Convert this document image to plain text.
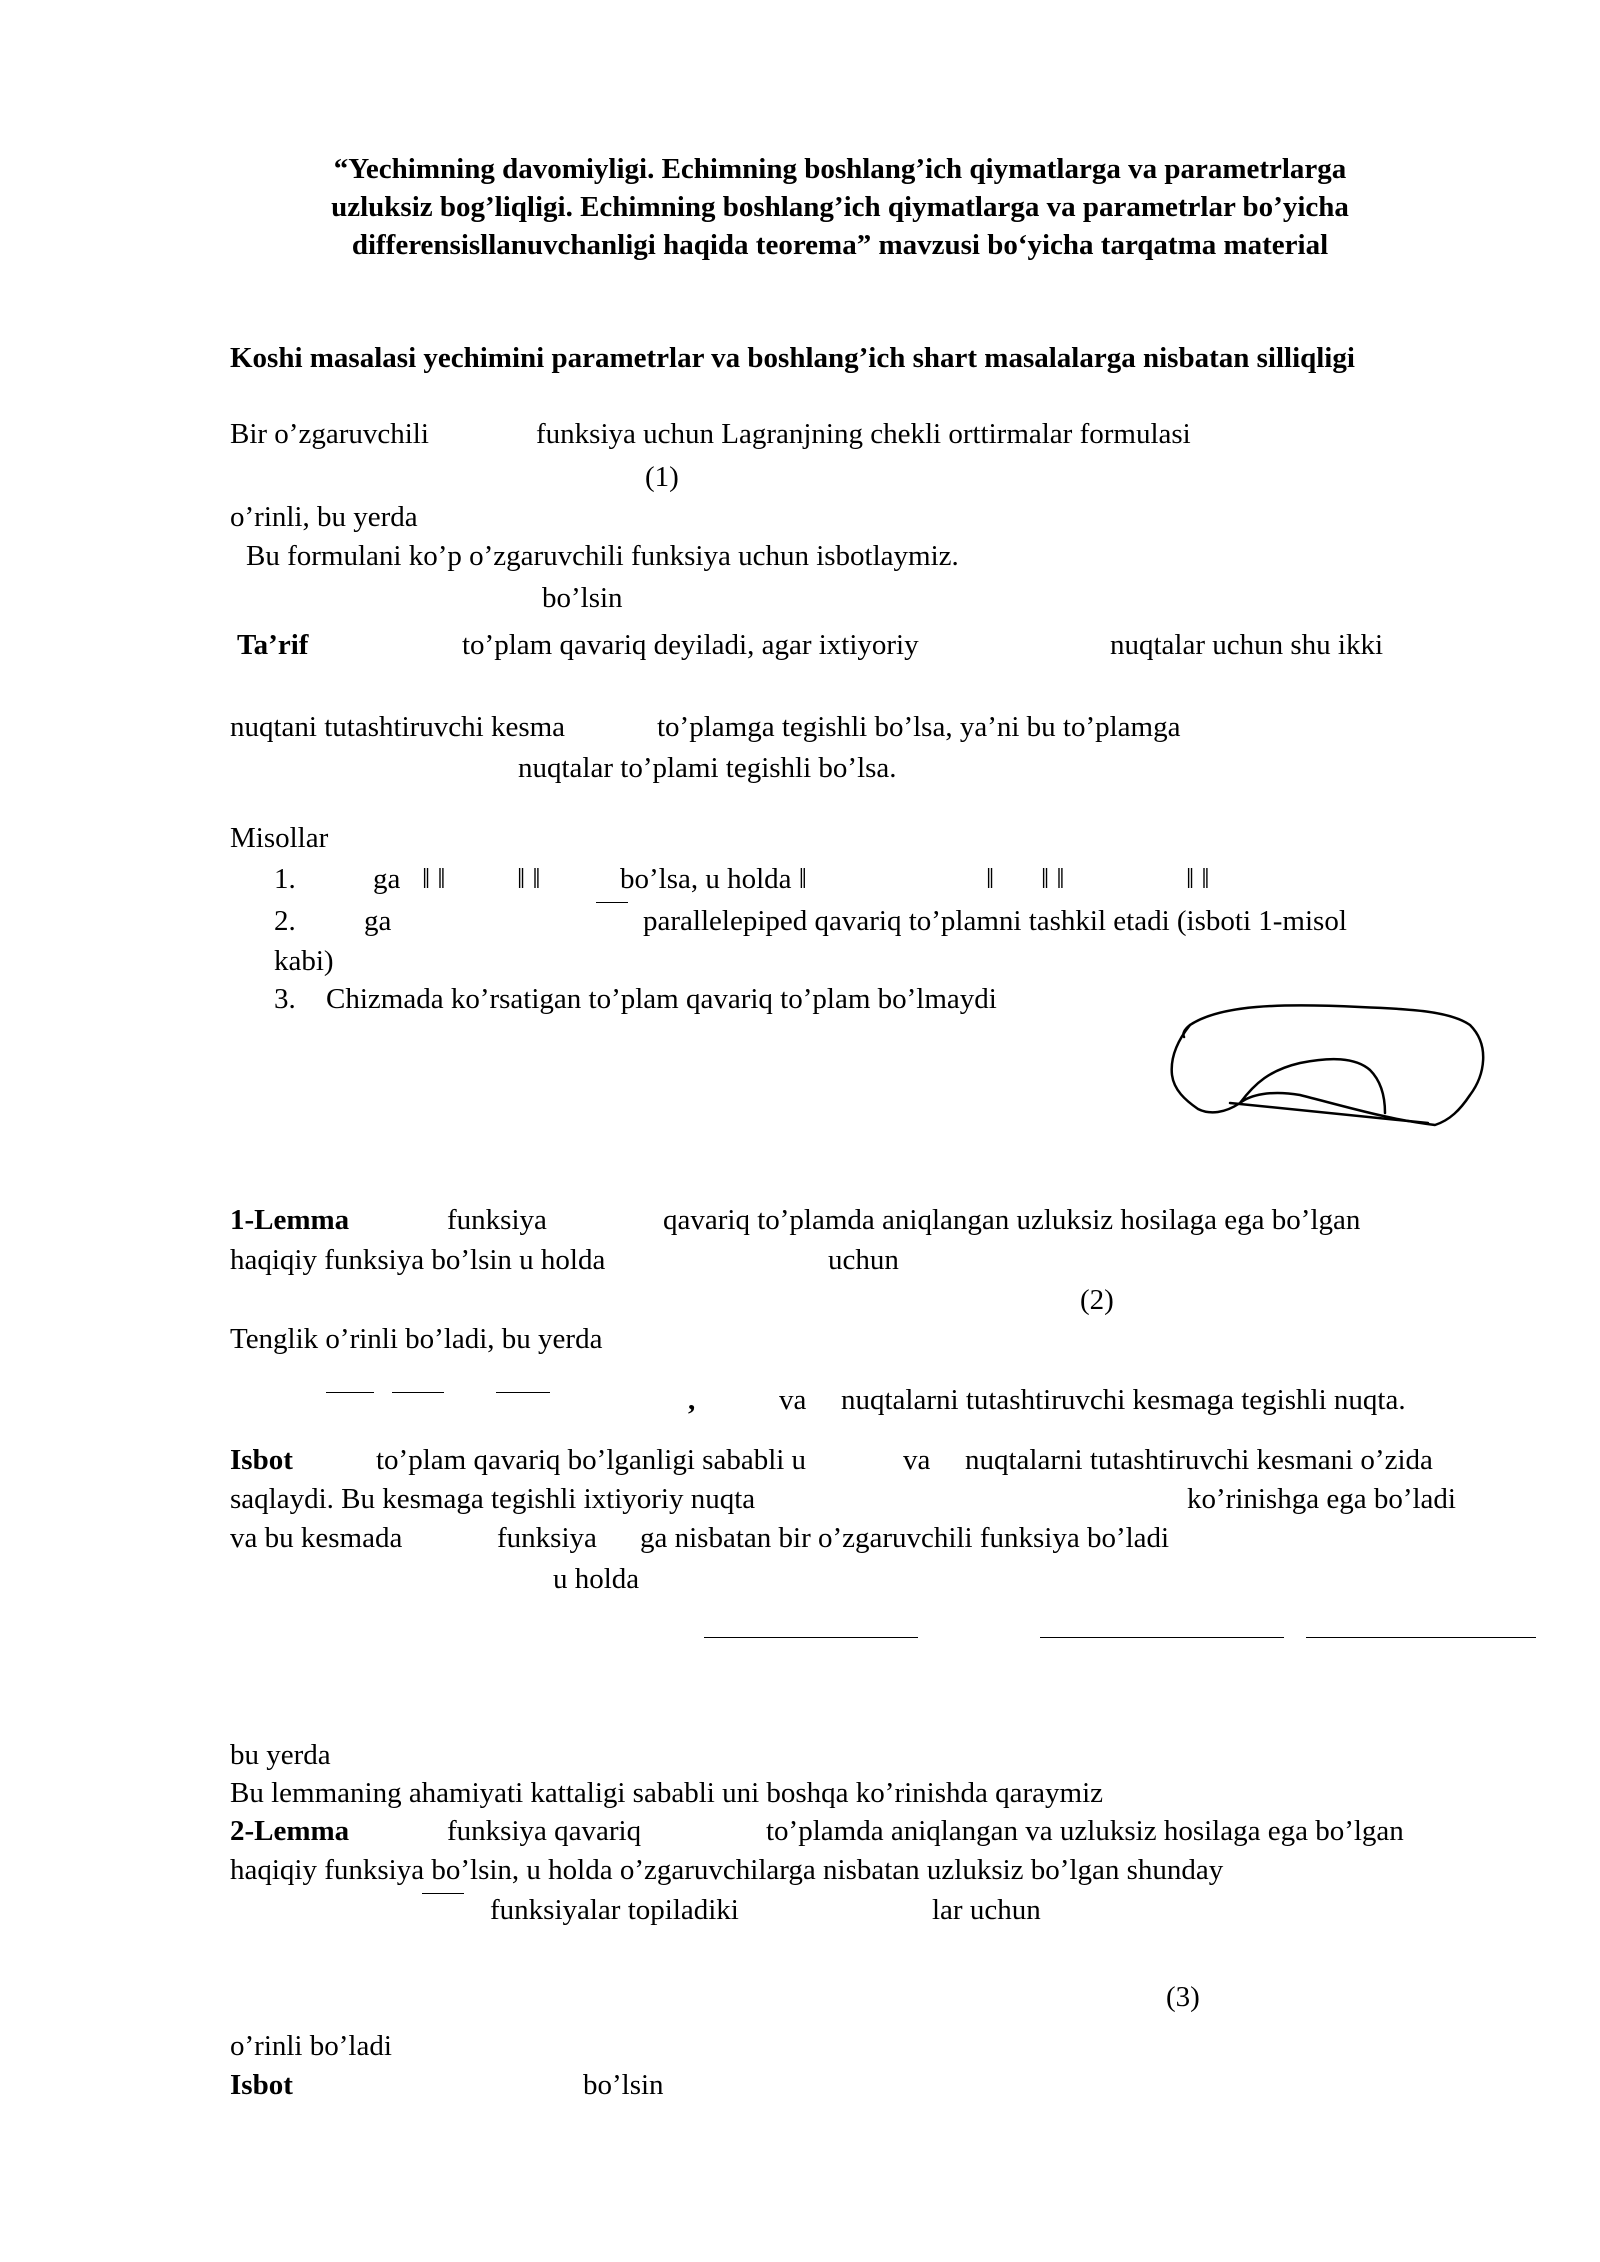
“Yechimning davomiyligi. Echimning boshlang’ich qiymatlarga va parametrlarga
uzluksiz bog’liqligi. Echimning boshlang’ich qiymatlarga va parametrlar bo’yicha
differensisllanuvchanligi haqida teorema” mavzusi bo‘yicha tarqatma material
Koshi masalasi yechimini parametrlar va boshlang’ich shart masalalarga nisbatan silliqligi
Bir o’zgaruvchili	funksiya uchun Lagranjning chekli orttirmalar formulasi
(1)
o’rinli, bu yerda
Bu formulani ko’p o’zgaruvchili funksiya uchun isbotlaymiz.
bo’lsin
Ta’rif	to’plam qavariq deyiladi, agar ixtiyoriy	nuqtalar uchun shu ikki
nuqtani tutashtiruvchi kesma	to’plamga tegishli bo’lsa, ya’ni bu to’plamga
nuqtalar to’plami tegishli bo’lsa.
Misollar
1.	ga ‖ ‖ ‖ ‖	bo’lsa, u holda ‖	‖ ‖ ‖	‖ ‖
2. ga	parallelepiped qavariq to’plamni tashkil etadi (isboti 1-misol
kabi)
3. Chizmada ko’rsatigan to’plam qavariq to’plam bo’lmaydi
1-Lemma	funksiya	qavariq to’plamda aniqlangan uzluksiz hosilaga ega bo’lgan
haqiqiy funksiya bo’lsin u holda	uchun
(2)
Tenglik o’rinli bo’ladi, bu yerda
,	va nuqtalarni tutashtiruvchi kesmaga tegishli nuqta.
Isbot	to’plam qavariq bo’lganligi sababli u	va nuqtalarni tutashtiruvchi kesmani o’zida
saqlaydi. Bu kesmaga tegishli ixtiyoriy nuqta	ko’rinishga ega bo’ladi
va bu kesmada	funksiya ga nisbatan bir o’zgaruvchili funksiya bo’ladi
u holda
bu yerda
Bu lemmaning ahamiyati kattaligi sababli uni boshqa ko’rinishda qaraymiz
2-Lemma	funksiya qavariq	to’plamda aniqlangan va uzluksiz hosilaga ega bo’lgan
haqiqiy funksiya bo’lsin, u holda o’zgaruvchilarga nisbatan uzluksiz bo’lgan shunday
funksiyalar topiladiki	lar uchun
(3)
o’rinli bo’ladi
Isbot	bo’lsin
